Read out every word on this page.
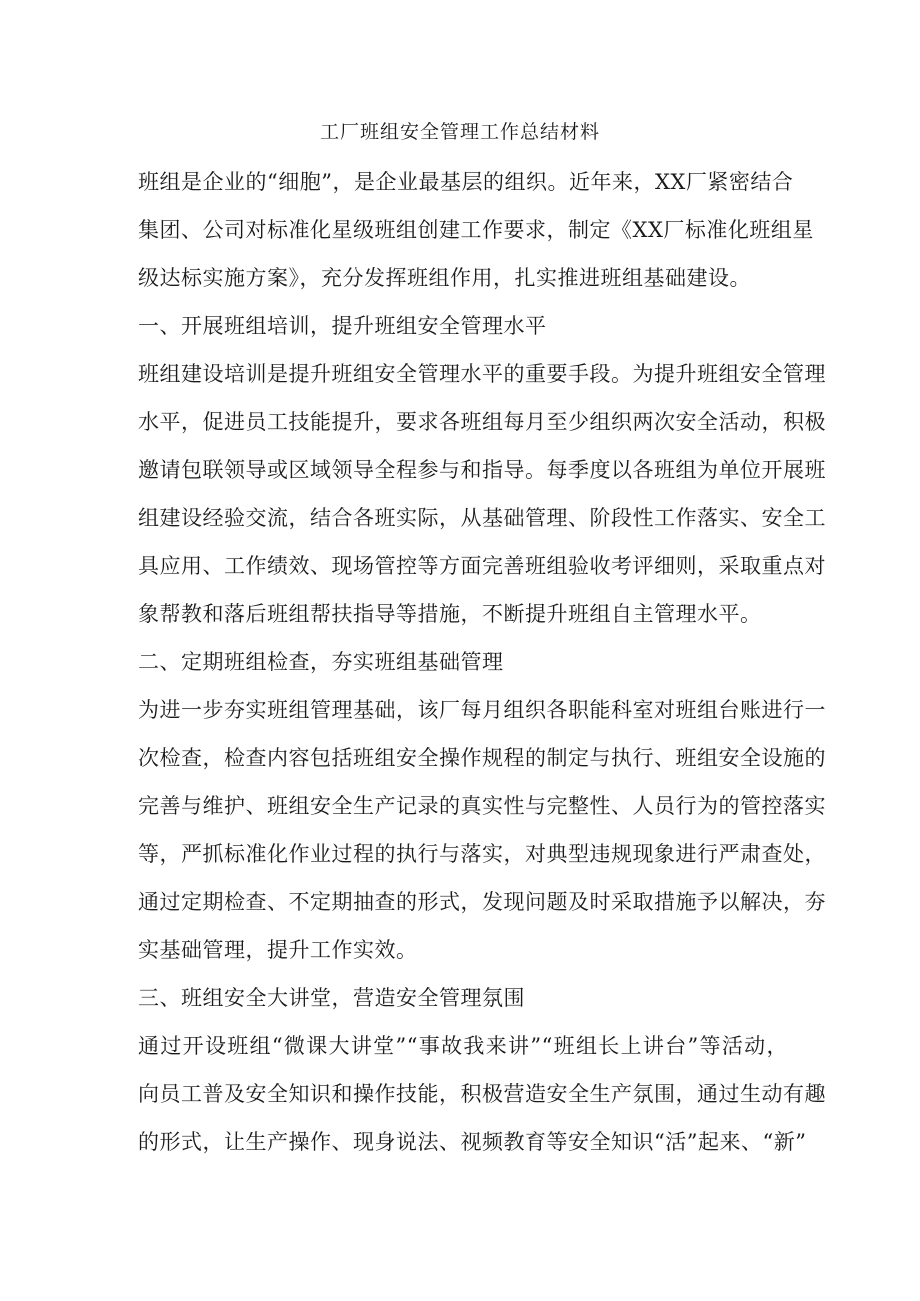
工厂班组安全管理工作总结材料
班组是企业的“细胞”，是企业最基层的组织。近年来，XX厂紧密结合
集团、公司对标准化星级班组创建工作要求，制定《XX厂标准化班组星
级达标实施方案》，充分发挥班组作用，扎实推进班组基础建设。
一、开展班组培训，提升班组安全管理水平
班组建设培训是提升班组安全管理水平的重要手段。为提升班组安全管理
水平，促进员工技能提升，要求各班组每月至少组织两次安全活动，积极
邀请包联领导或区域领导全程参与和指导。每季度以各班组为单位开展班
组建设经验交流，结合各班实际，从基础管理、阶段性工作落实、安全工
具应用、工作绩效、现场管控等方面完善班组验收考评细则，采取重点对
象帮教和落后班组帮扶指导等措施，不断提升班组自主管理水平。
二、定期班组检查，夯实班组基础管理
为进一步夯实班组管理基础，该厂每月组织各职能科室对班组台账进行一
次检查，检查内容包括班组安全操作规程的制定与执行、班组安全设施的
完善与维护、班组安全生产记录的真实性与完整性、人员行为的管控落实
等，严抓标准化作业过程的执行与落实，对典型违规现象进行严肃查处，
通过定期检查、不定期抽查的形式，发现问题及时采取措施予以解决，夯
实基础管理，提升工作实效。
三、班组安全大讲堂，营造安全管理氛围
通过开设班组“微课大讲堂”“事故我来讲”“班组长上讲台”等活动，
向员工普及安全知识和操作技能，积极营造安全生产氛围，通过生动有趣
的形式，让生产操作、现身说法、视频教育等安全知识“活”起来、“新”
